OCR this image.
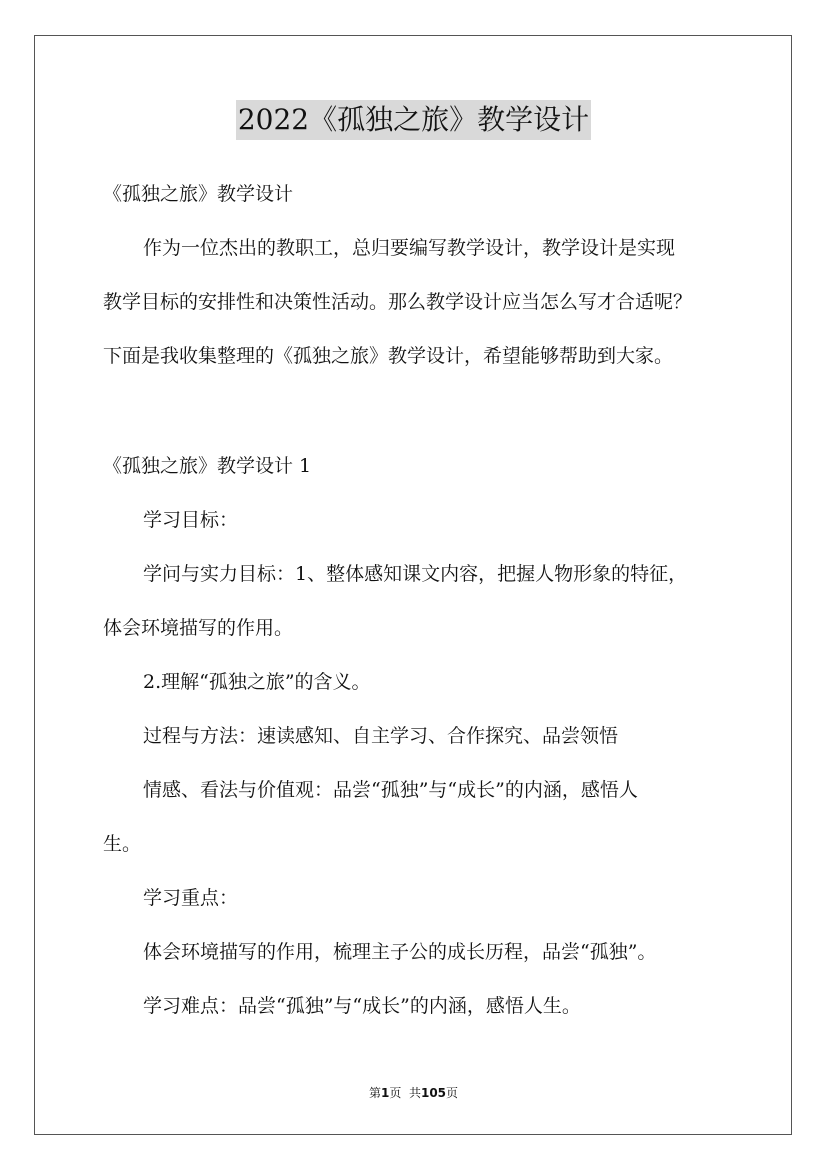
2022《孤独之旅》教学设计
《孤独之旅》教学设计
作为一位杰出的教职工，总归要编写教学设计，教学设计是实现
教学目标的安排性和决策性活动。那么教学设计应当怎么写才合适呢？
下面是我收集整理的《孤独之旅》教学设计，希望能够帮助到大家。
《孤独之旅》教学设计 1
学习目标：
学问与实力目标：1、整体感知课文内容，把握人物形象的特征，
体会环境描写的作用。
2.理解“孤独之旅”的含义。
过程与方法：速读感知、自主学习、合作探究、品尝领悟
情感、看法与价值观：品尝“孤独”与“成长”的内涵，感悟人
生。
学习重点：
体会环境描写的作用，梳理主子公的成长历程，品尝“孤独”。
学习难点：品尝“孤独”与“成长”的内涵，感悟人生。
第1页  共105页
